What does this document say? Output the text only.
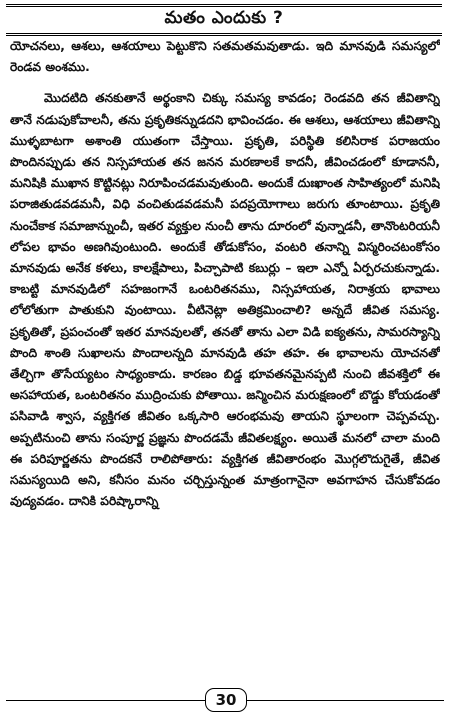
మతం ఎందుకు ?

యోచనలు, ఆశలు, ఆశయాలు పెట్టుకొని సతమతమవుతాడు. ఇది మానవుడి సమస్యలో రెండవ అంశము.

మొదటిది తనకుతానే అర్థంకాని చిక్కు సమస్య కావడం; రెండవది తన జీవితాన్ని తానే నడుపుకోవాలనీ, తను ప్రకృతికన్నుడదని భావించడం. ఈ ఆశలు, ఆశయాలు జీవితాన్ని ముళ్ళబాటగా అశాంతి యుతంగా చేస్తాయి. ప్రకృతి, పరిస్థితి కలిసిరాక పరాజయం పొందినప్పుడు తన నిస్సహాయత తన జనన మరణాలకే కాదనీ, జీవించడంలో కూడాననీ, మనిషికి ముఖాన కొట్టినట్లు నిరూపించడమవుతుంది. అందుకే దుఃఖాంత సాహిత్యంలో మనిషి పరాజితుడవడమనీ, విధి వంచితుడవడమనీ పదప్రయోగాలు జరుగు తూంటాయి. ప్రకృతి నుంచేకాక సమాజాన్నుంచీ, ఇతర వ్యక్తుల నుంచీ తాను దూరంలో వున్నాడనీ, తానొంటరియనీ లోపల భావం అణగివుంటుంది. అందుకే తోడుకోసం, వంటరి తనాన్ని విస్మరించటంకోసం మానవుడు అనేక కళలు, కాలక్షేపాలు, పిచ్చాపాటి కబుర్లు – ఇలా ఎన్నో ఏర్పరచుకున్నాడు. కాబట్టి మానవుడిలో సహజంగానే ఒంటరితనము, నిస్సహాయత, నిరాశ్రయ భావాలు లోలోతుగా పాతుకుని వుంటాయి. వీటినెట్లా అతిక్రమించాలి? అన్నదే జీవిత సమస్య. ప్రకృతితో, ప్రపంచంతో ఇతర మానవులతో, తనతో తాను ఎలా విడి ఐక్యతను, సామరస్యాన్ని పొంది శాంతి సుఖాలను పొందాలన్నది మానవుడి తహ తహ. ఈ భావాలను యోచనతో తేల్చిగా తొసేయ్యటం సాధ్యంకాదు. కారణం బిడ్డ భూవతనమైనప్పటి నుంచి జీవశక్తిలో ఈ అసహాయత, ఒంటరితనం ముద్రించుకు పోతాయి. జన్మించిన మరుక్షణంలో బొడ్డు కోయడంతో పసివాడి శ్వాస, వ్యక్తిగత జీవితం ఒక్కసారి ఆరంభమవు తాయని స్థూలంగా చెప్పవచ్చు. అప్పటినుంచి తాను సంపూర్ణ ప్రజ్ఞను పొందడమే జీవితలక్ష్యం. అయితే మనలో చాలా మంది ఈ పరిపూర్ణతను పొందకనే రాలిపోతారు: వ్యక్తిగత జీవితారంభం మొగ్గలొదుగైతే, జీవిత సమస్యయిది అని, కనీసం మనం చర్చిస్తున్నంత మాత్రంగానైనా అవగాహన చేసుకోవడం వుద్యవడం. దానికి పరిష్కారాన్ని

30
